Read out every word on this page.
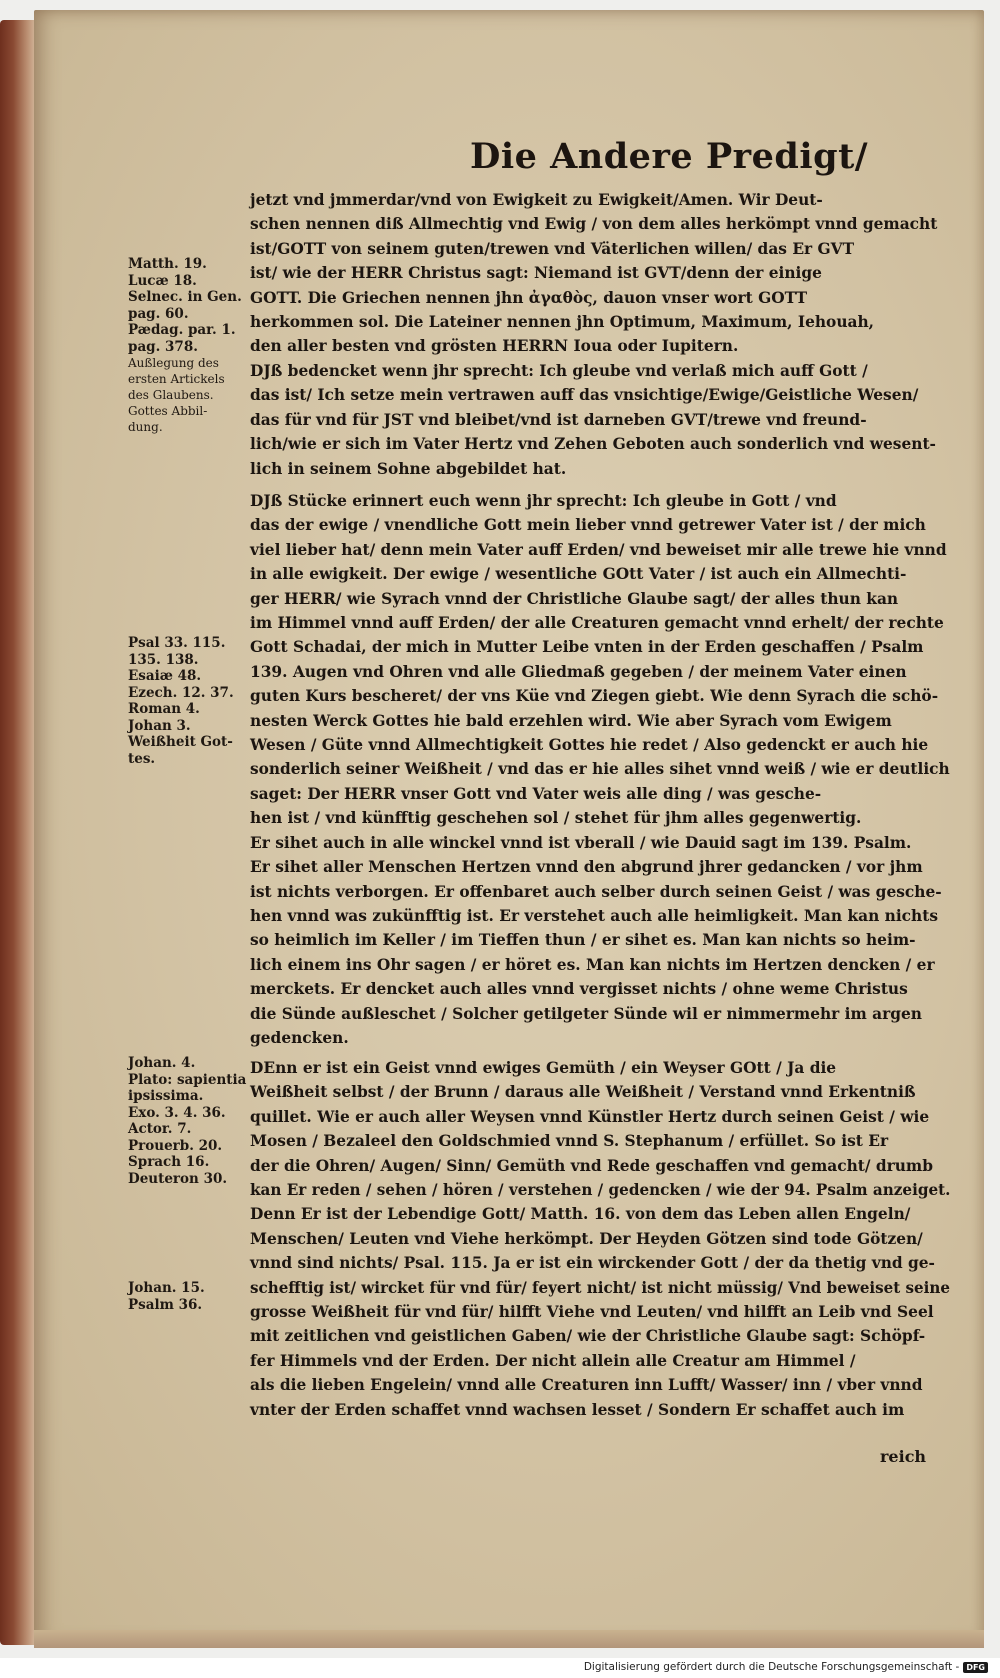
Die Andere Predigt/
Matth. 19.
Lucæ 18.
Selnec. in Gen.
pag. 60.
Pædag. par. 1.
pag. 378.
Außlegung des
ersten Artickels
des Glaubens.
Gottes Abbil-
dung.
Psal 33. 115.
135. 138.
Esaiæ 48.
Ezech. 12. 37.
Roman 4.
Johan 3.
Weißheit Got-
tes.
Johan. 4.
Plato: sapientia
ipsissima.
Exo. 3. 4. 36.
Actor. 7.
Prouerb. 20.
Sprach 16.
Deuteron 30.
Johan. 15.
Psalm 36.
jetzt vnd jmmerdar/vnd von Ewigkeit zu Ewigkeit/Amen. Wir Deut-
schen nennen diß Allmechtig vnd Ewig / von dem alles herkömpt vnnd gemacht
ist/GOTT von seinem guten/trewen vnd Väterlichen willen/ das Er GVT
ist/ wie der HERR Christus sagt: Niemand ist GVT/denn der einige
GOTT. Die Griechen nennen jhn ἀγαθὸς, dauon vnser wort GOTT
herkommen sol. Die Lateiner nennen jhn Optimum, Maximum, Iehouah,
den aller besten vnd grösten HERRN Ioua oder Iupitern.
DJß bedencket wenn jhr sprecht: Ich gleube vnd verlaß mich auff Gott /
das ist/ Ich setze mein vertrawen auff das vnsichtige/Ewige/Geistliche Wesen/
das für vnd für JST vnd bleibet/vnd ist darneben GVT/trewe vnd freund-
lich/wie er sich im Vater Hertz vnd Zehen Geboten auch sonderlich vnd wesent-
lich in seinem Sohne abgebildet hat.
DJß Stücke erinnert euch wenn jhr sprecht: Ich gleube in Gott / vnd
das der ewige / vnendliche Gott mein lieber vnnd getrewer Vater ist / der mich
viel lieber hat/ denn mein Vater auff Erden/ vnd beweiset mir alle trewe hie vnnd
in alle ewigkeit. Der ewige / wesentliche GOtt Vater / ist auch ein Allmechti-
ger HERR/ wie Syrach vnnd der Christliche Glaube sagt/ der alles thun kan
im Himmel vnnd auff Erden/ der alle Creaturen gemacht vnnd erhelt/ der rechte
Gott Schadai, der mich in Mutter Leibe vnten in der Erden geschaffen / Psalm
139. Augen vnd Ohren vnd alle Gliedmaß gegeben / der meinem Vater einen
guten Kurs bescheret/ der vns Küe vnd Ziegen giebt. Wie denn Syrach die schö-
nesten Werck Gottes hie bald erzehlen wird. Wie aber Syrach vom Ewigem
Wesen / Güte vnnd Allmechtigkeit Gottes hie redet / Also gedenckt er auch hie
sonderlich seiner Weißheit / vnd das er hie alles sihet vnnd weiß / wie er deutlich
saget: Der HERR vnser Gott vnd Vater weis alle ding / was gesche-
hen ist / vnd künfftig geschehen sol / stehet für jhm alles gegenwertig.
Er sihet auch in alle winckel vnnd ist vberall / wie Dauid sagt im 139. Psalm.
Er sihet aller Menschen Hertzen vnnd den abgrund jhrer gedancken / vor jhm
ist nichts verborgen. Er offenbaret auch selber durch seinen Geist / was gesche-
hen vnnd was zukünfftig ist. Er verstehet auch alle heimligkeit. Man kan nichts
so heimlich im Keller / im Tieffen thun / er sihet es. Man kan nichts so heim-
lich einem ins Ohr sagen / er höret es. Man kan nichts im Hertzen dencken / er
merckets. Er dencket auch alles vnnd vergisset nichts / ohne weme Christus
die Sünde außleschet / Solcher getilgeter Sünde wil er nimmermehr im argen
gedencken.
DEnn er ist ein Geist vnnd ewiges Gemüth / ein Weyser GOtt / Ja die
Weißheit selbst / der Brunn / daraus alle Weißheit / Verstand vnnd Erkentniß
quillet. Wie er auch aller Weysen vnnd Künstler Hertz durch seinen Geist / wie
Mosen / Bezaleel den Goldschmied vnnd S. Stephanum / erfüllet. So ist Er
der die Ohren/ Augen/ Sinn/ Gemüth vnd Rede geschaffen vnd gemacht/ drumb
kan Er reden / sehen / hören / verstehen / gedencken / wie der 94. Psalm anzeiget.
Denn Er ist der Lebendige Gott/ Matth. 16. von dem das Leben allen Engeln/
Menschen/ Leuten vnd Viehe herkömpt. Der Heyden Götzen sind tode Götzen/
vnnd sind nichts/ Psal. 115. Ja er ist ein wirckender Gott / der da thetig vnd ge-
schefftig ist/ wircket für vnd für/ feyert nicht/ ist nicht müssig/ Vnd beweiset seine
grosse Weißheit für vnd für/ hilfft Viehe vnd Leuten/ vnd hilfft an Leib vnd Seel
mit zeitlichen vnd geistlichen Gaben/ wie der Christliche Glaube sagt: Schöpf-
fer Himmels vnd der Erden. Der nicht allein alle Creatur am Himmel /
als die lieben Engelein/ vnnd alle Creaturen inn Lufft/ Wasser/ inn / vber vnnd
vnter der Erden schaffet vnnd wachsen lesset / Sondern Er schaffet auch im
reich
Digitalisierung gefördert durch die Deutsche Forschungsgemeinschaft - DFG
